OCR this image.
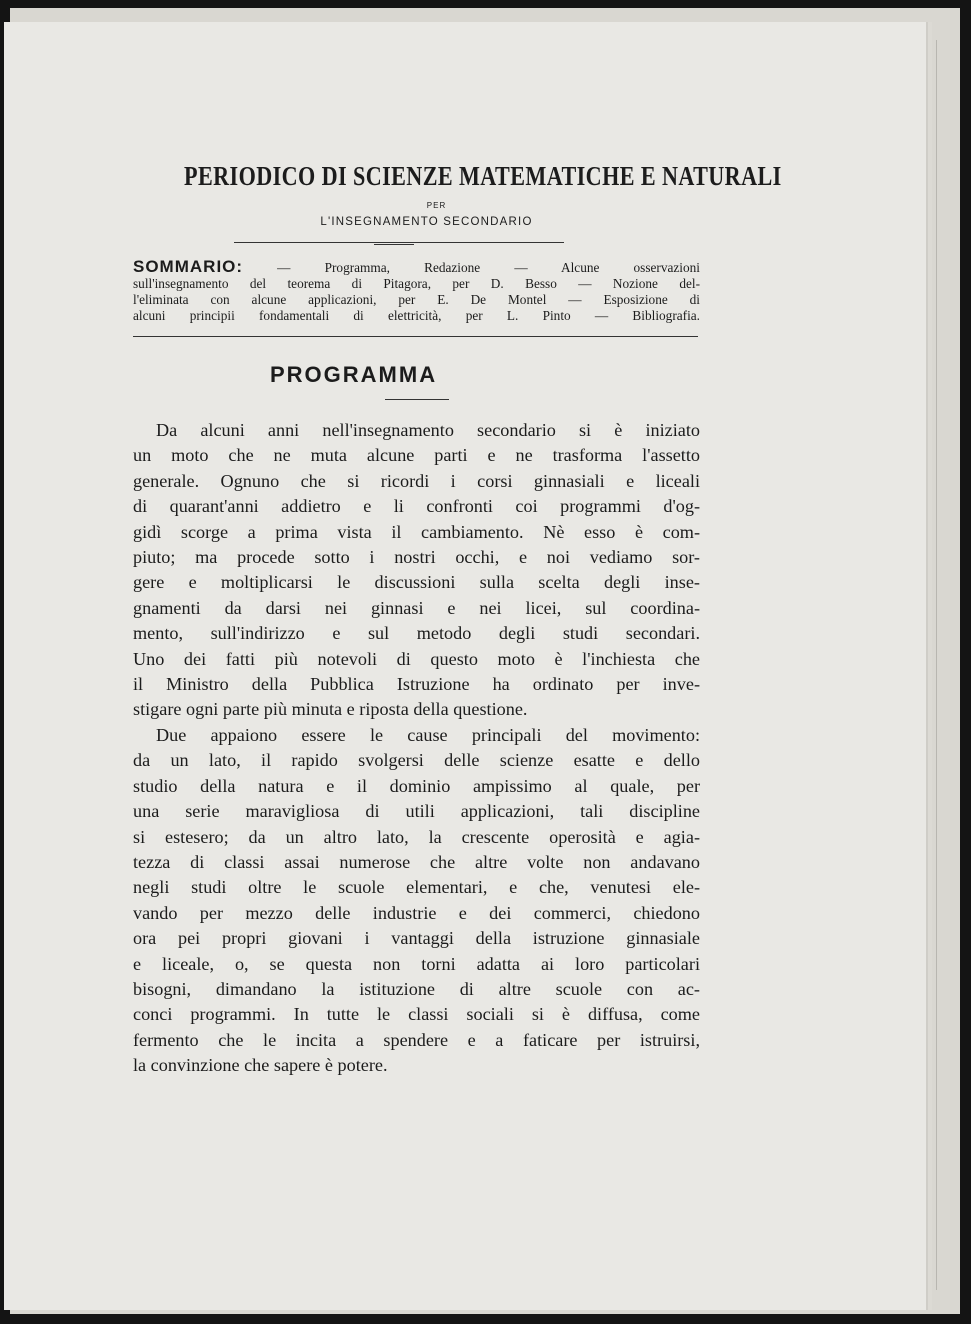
PERIODICO DI SCIENZE MATEMATICHE E NATURALI
PER
L'INSEGNAMENTO SECONDARIO
SOMMARIO: — Programma, Redazione — Alcune osservazioni
sull'insegnamento del teorema di Pitagora, per D. Besso — Nozione del-
l'eliminata con alcune applicazioni, per E. De Montel — Esposizione di
alcuni principii fondamentali di elettricità, per L. Pinto — Bibliografia.
PROGRAMMA
Da alcuni anni nell'insegnamento secondario si è iniziato
un moto che ne muta alcune parti e ne trasforma l'assetto
generale. Ognuno che si ricordi i corsi ginnasiali e liceali
di quarant'anni addietro e li confronti coi programmi d'og-
gidì scorge a prima vista il cambiamento. Nè esso è com-
piuto; ma procede sotto i nostri occhi, e noi vediamo sor-
gere e moltiplicarsi le discussioni sulla scelta degli inse-
gnamenti da darsi nei ginnasi e nei licei, sul coordina-
mento, sull'indirizzo e sul metodo degli studi secondari.
Uno dei fatti più notevoli di questo moto è l'inchiesta che
il Ministro della Pubblica Istruzione ha ordinato per inve-
stigare ogni parte più minuta e riposta della questione.
Due appaiono essere le cause principali del movimento:
da un lato, il rapido svolgersi delle scienze esatte e dello
studio della natura e il dominio ampissimo al quale, per
una serie maravigliosa di utili applicazioni, tali discipline
si estesero; da un altro lato, la crescente operosità e agia-
tezza di classi assai numerose che altre volte non andavano
negli studi oltre le scuole elementari, e che, venutesi ele-
vando per mezzo delle industrie e dei commerci, chiedono
ora pei propri giovani i vantaggi della istruzione ginnasiale
e liceale, o, se questa non torni adatta ai loro particolari
bisogni, dimandano la istituzione di altre scuole con ac-
conci programmi. In tutte le classi sociali si è diffusa, come
fermento che le incita a spendere e a faticare per istruirsi,
la convinzione che sapere è potere.
